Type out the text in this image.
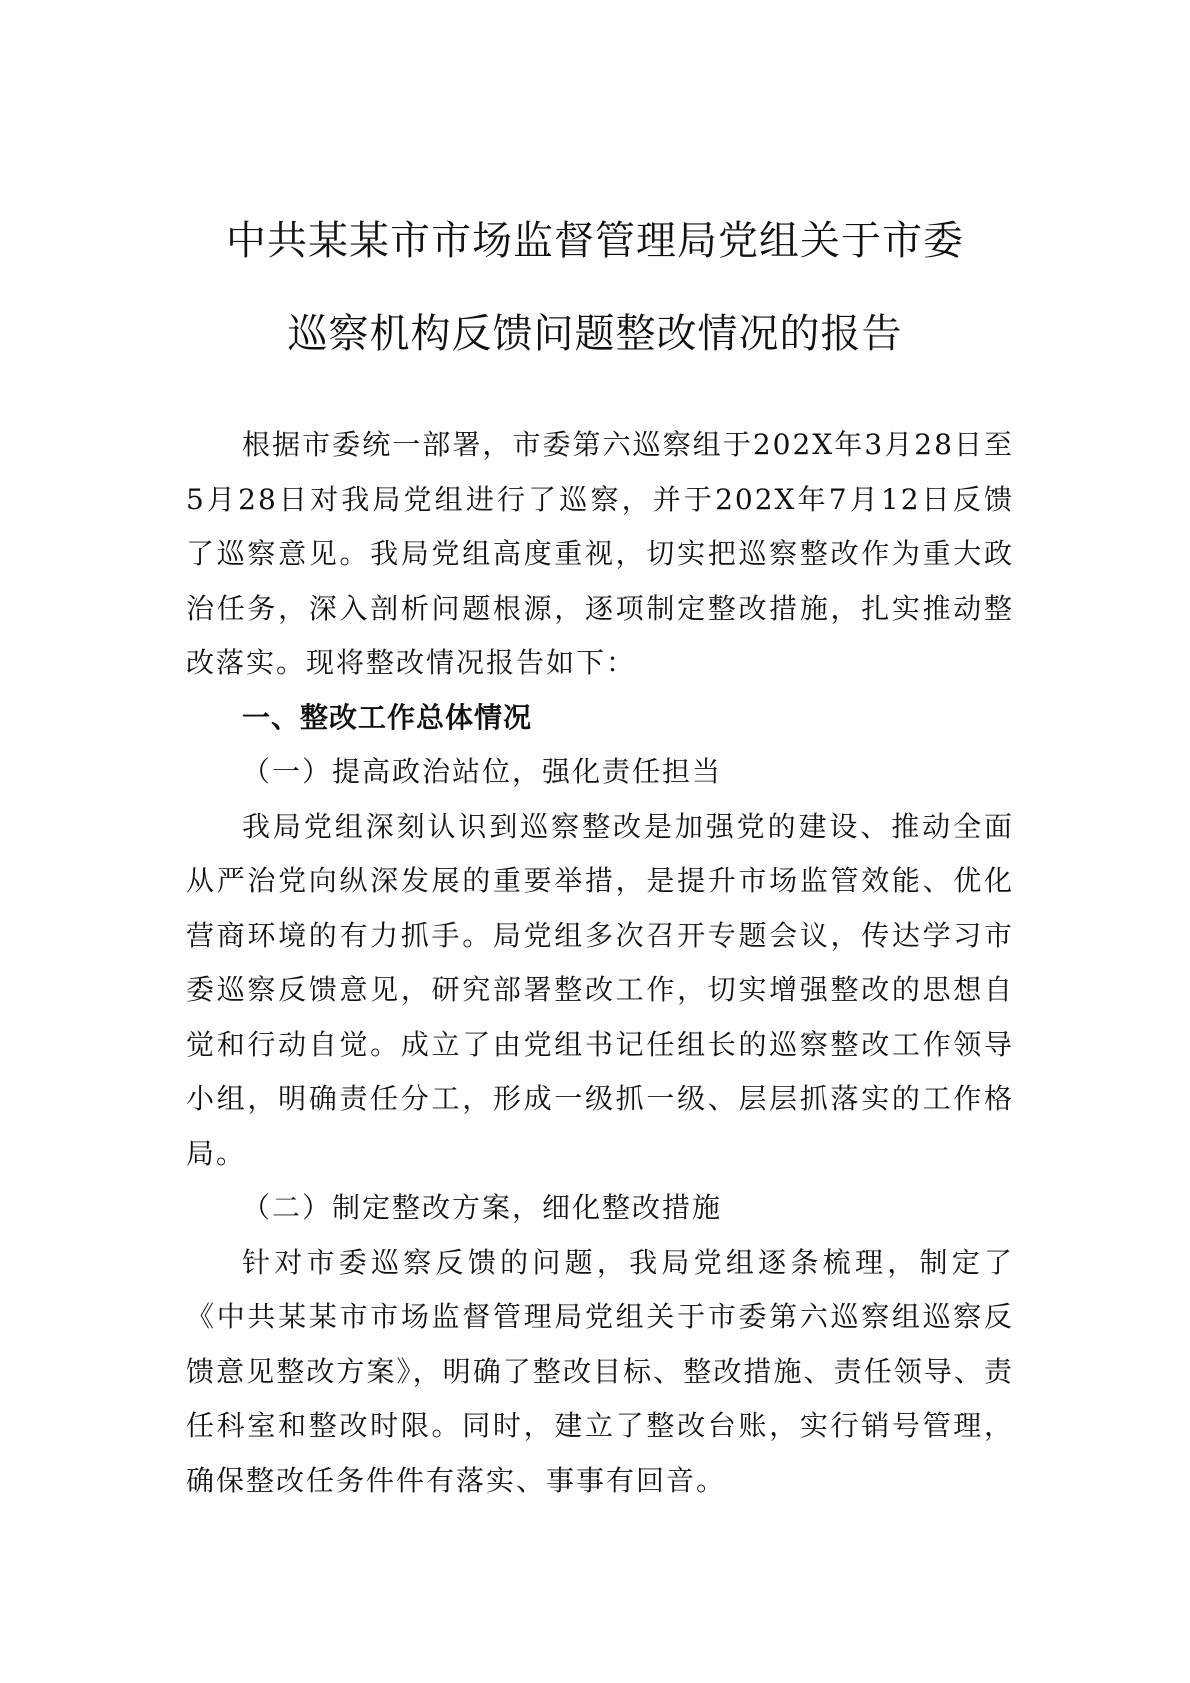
中共某某市市场监督管理局党组关于市委
巡察机构反馈问题整改情况的报告

根据市委统一部署，市委第六巡察组于202X年3月28日至5月28日对我局党组进行了巡察，并于202X年7月12日反馈了巡察意见。我局党组高度重视，切实把巡察整改作为重大政治任务，深入剖析问题根源，逐项制定整改措施，扎实推动整改落实。现将整改情况报告如下：

一、整改工作总体情况
（一）提高政治站位，强化责任担当

我局党组深刻认识到巡察整改是加强党的建设、推动全面从严治党向纵深发展的重要举措，是提升市场监管效能、优化营商环境的有力抓手。局党组多次召开专题会议，传达学习市委巡察反馈意见，研究部署整改工作，切实增强整改的思想自觉和行动自觉。成立了由党组书记任组长的巡察整改工作领导小组，明确责任分工，形成一级抓一级、层层抓落实的工作格局。

（二）制定整改方案，细化整改措施

针对市委巡察反馈的问题，我局党组逐条梳理，制定了《中共某某市市场监督管理局党组关于市委第六巡察组巡察反馈意见整改方案》，明确了整改目标、整改措施、责任领导、责任科室和整改时限。同时，建立了整改台账，实行销号管理，确保整改任务件件有落实、事事有回音。
